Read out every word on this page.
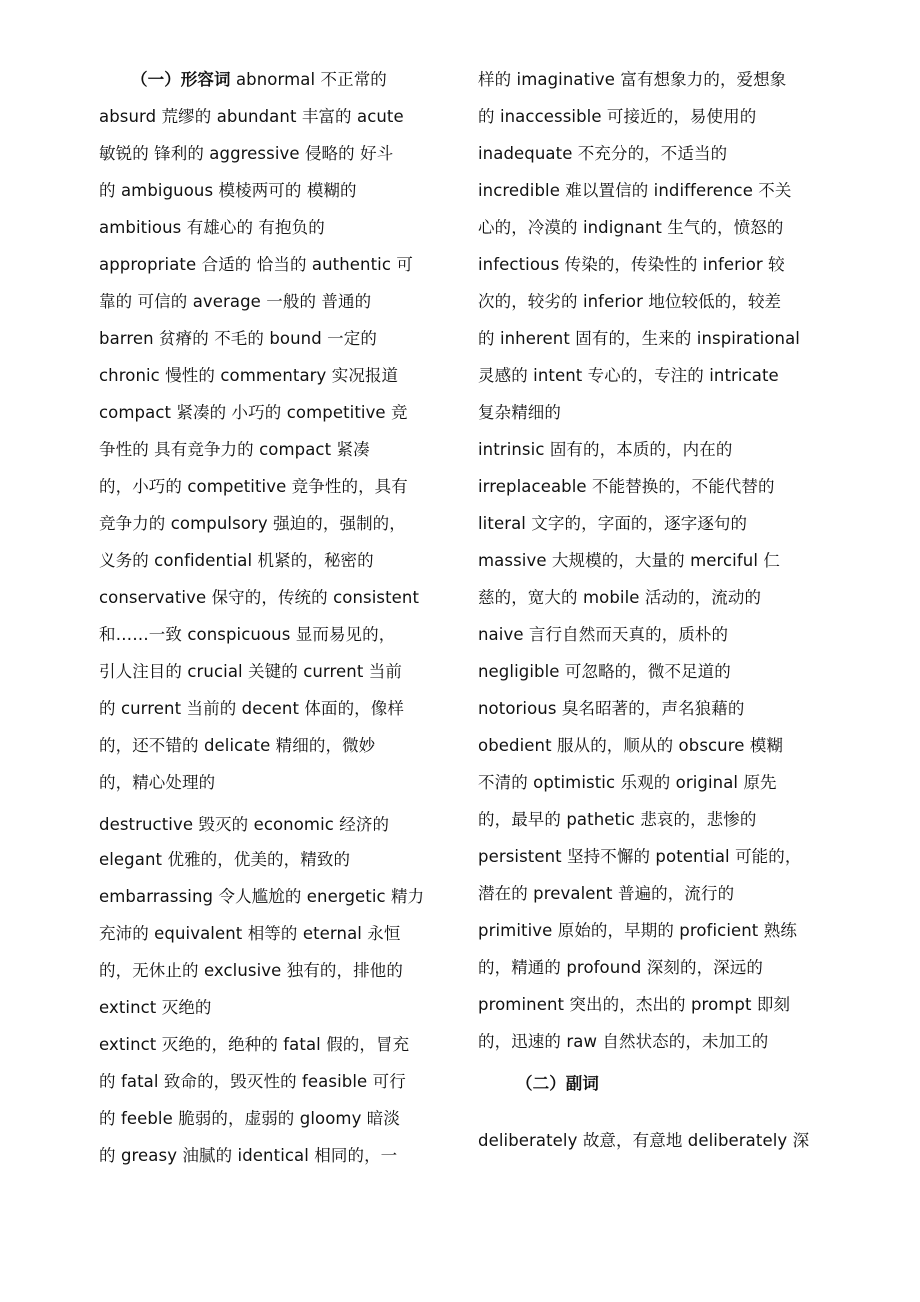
（一）形容词 abnormal 不正常的
absurd 荒缪的 abundant 丰富的 acute
敏锐的 锋利的 aggressive 侵略的 好斗
的 ambiguous 模棱两可的 模糊的
ambitious 有雄心的 有抱负的
appropriate 合适的 恰当的 authentic 可
靠的 可信的 average 一般的 普通的
barren 贫瘠的 不毛的 bound 一定的
chronic 慢性的 commentary 实况报道
compact 紧凑的 小巧的 competitive 竞
争性的 具有竞争力的 compact 紧凑
的，小巧的 competitive 竞争性的，具有
竞争力的 compulsory 强迫的，强制的，
义务的 confidential 机紧的，秘密的
conservative 保守的，传统的 consistent
和……一致 conspicuous 显而易见的，
引人注目的 crucial 关键的 current 当前
的 current 当前的 decent 体面的，像样
的，还不错的 delicate 精细的，微妙
的，精心处理的
destructive 毁灭的 economic 经济的
elegant 优雅的，优美的，精致的
embarrassing 令人尴尬的 energetic 精力
充沛的 equivalent 相等的 eternal 永恒
的，无休止的 exclusive 独有的，排他的
extinct 灭绝的
extinct 灭绝的，绝种的 fatal 假的，冒充
的 fatal 致命的，毁灭性的 feasible 可行
的 feeble 脆弱的，虚弱的 gloomy 暗淡
的 greasy 油腻的 identical 相同的，一
（二）副词
deliberately 故意，有意地 deliberately 深
样的 imaginative 富有想象力的，爱想象
的 inaccessible 可接近的，易使用的
inadequate 不充分的，不适当的
incredible 难以置信的 indifference 不关
心的，冷漠的 indignant 生气的，愤怒的
infectious 传染的，传染性的 inferior 较
次的，较劣的 inferior 地位较低的，较差
的 inherent 固有的，生来的 inspirational
灵感的 intent 专心的，专注的 intricate
复杂精细的
intrinsic 固有的，本质的，内在的
irreplaceable 不能替换的，不能代替的
literal 文字的，字面的，逐字逐句的
massive 大规模的，大量的 merciful 仁
慈的，宽大的 mobile 活动的，流动的
naive 言行自然而天真的，质朴的
negligible 可忽略的，微不足道的
notorious 臭名昭著的，声名狼藉的
obedient 服从的，顺从的 obscure 模糊
不清的 optimistic 乐观的 original 原先
的，最早的 pathetic 悲哀的，悲惨的
persistent 坚持不懈的 potential 可能的，
潜在的 prevalent 普遍的，流行的
primitive 原始的，早期的 proficient 熟练
的，精通的 profound 深刻的，深远的
prominent 突出的，杰出的 prompt 即刻
的，迅速的 raw 自然状态的，未加工的
